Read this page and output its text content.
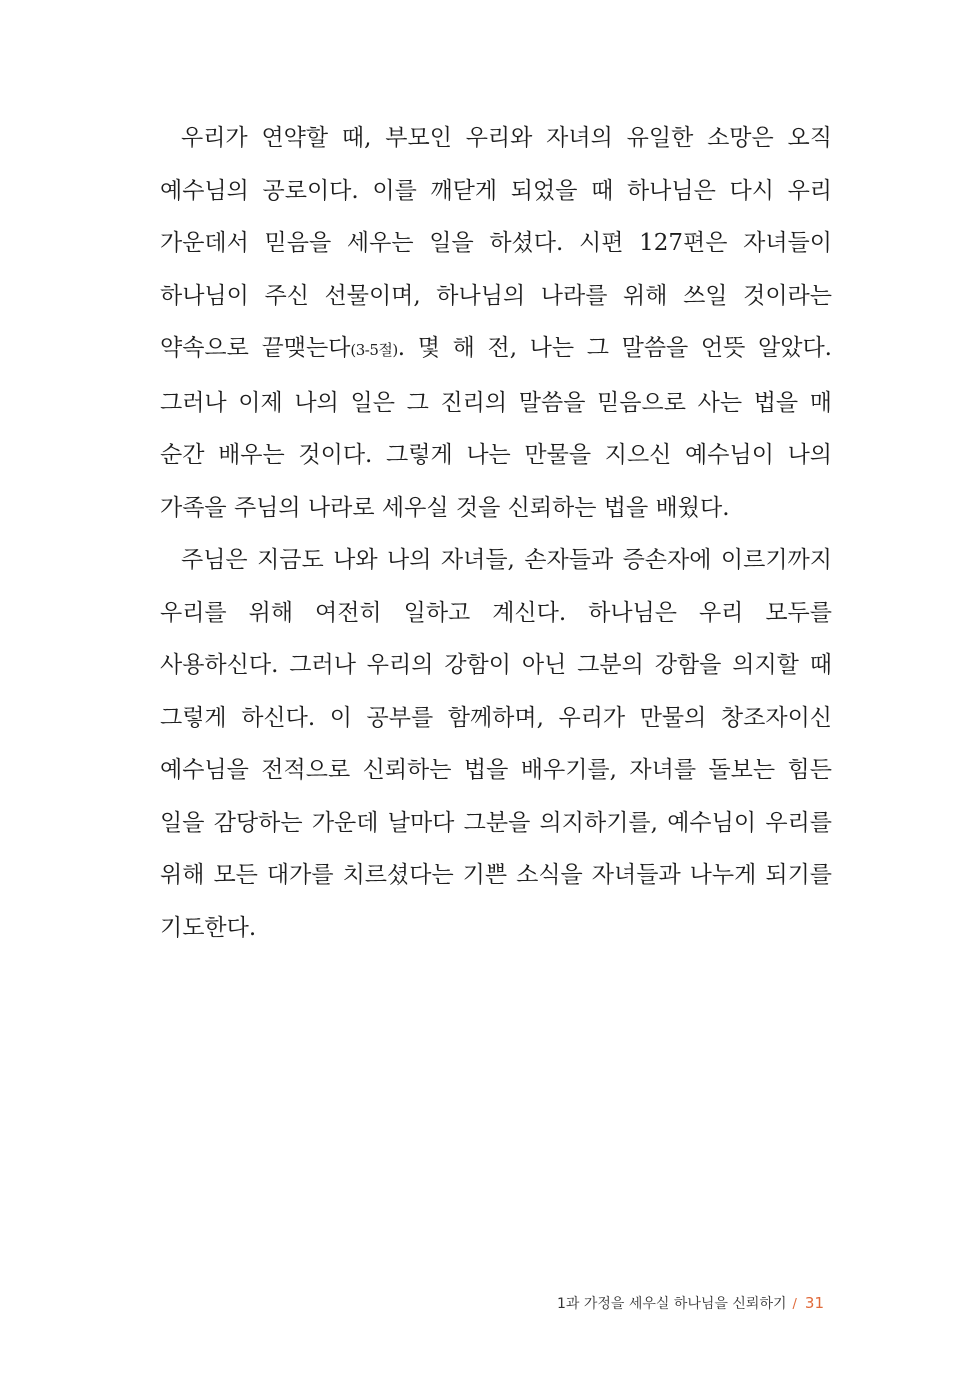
우리가 연약할 때, 부모인 우리와 자녀의 유일한 소망은 오직 예수님의 공로이다. 이를 깨닫게 되었을 때 하나님은 다시 우리 가운데서 믿음을 세우는 일을 하셨다. 시편 127편은 자녀들이 하나님이 주신 선물이며, 하나님의 나라를 위해 쓰일 것이라는 약속으로 끝맺는다(3-5절). 몇 해 전, 나는 그 말씀을 언뜻 알았다. 그러나 이제 나의 일은 그 진리의 말씀을 믿음으로 사는 법을 매 순간 배우는 것이다. 그렇게 나는 만물을 지으신 예수님이 나의 가족을 주님의 나라로 세우실 것을 신뢰하는 법을 배웠다.

주님은 지금도 나와 나의 자녀들, 손자들과 증손자에 이르기까지 우리를 위해 여전히 일하고 계신다. 하나님은 우리 모두를 사용하신다. 그러나 우리의 강함이 아닌 그분의 강함을 의지할 때 그렇게 하신다. 이 공부를 함께하며, 우리가 만물의 창조자이신 예수님을 전적으로 신뢰하는 법을 배우기를, 자녀를 돌보는 힘든 일을 감당하는 가운데 날마다 그분을 의지하기를, 예수님이 우리를 위해 모든 대가를 치르셨다는 기쁜 소식을 자녀들과 나누게 되기를 기도한다.

1과 가정을 세우실 하나님을 신뢰하기 / 31
